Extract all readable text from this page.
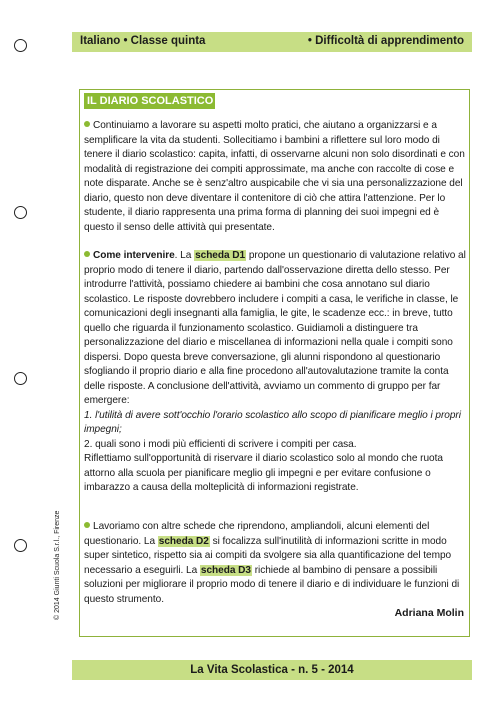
Italiano • Classe quinta	• Difficoltà di apprendimento
IL DIARIO SCOLASTICO
Continuiamo a lavorare su aspetti molto pratici, che aiutano a organizzarsi e a semplificare la vita da studenti. Sollecitiamo i bambini a riflettere sul loro modo di tenere il diario scolastico: capita, infatti, di osservarne alcuni non solo disordinati e con modalità di registrazione dei compiti approssimate, ma anche con raccolte di cose e note disparate. Anche se è senz'altro auspicabile che vi sia una personalizzazione del diario, questo non deve diventare il contenitore di ciò che attira l'attenzione. Per lo studente, il diario rappresenta una prima forma di planning dei suoi impegni ed è questo il senso delle attività qui presentate.
Come intervenire. La scheda D1 propone un questionario di valutazione relativo al proprio modo di tenere il diario, partendo dall'osservazione diretta dello stesso. Per introdurre l'attività, possiamo chiedere ai bambini che cosa annotano sul diario scolastico. Le risposte dovrebbero includere i compiti a casa, le verifiche in classe, le comunicazioni degli insegnanti alla famiglia, le gite, le scadenze ecc.: in breve, tutto quello che riguarda il funzionamento scolastico. Guidiamoli a distinguere tra personalizzazione del diario e miscellanea di informazioni nella quale i compiti sono dispersi. Dopo questa breve conversazione, gli alunni rispondono al questionario sfogliando il proprio diario e alla fine procedono all'autovalutazione tramite la conta delle risposte. A conclusione dell'attività, avviamo un commento di gruppo per far emergere:
1. l'utilità di avere sott'occhio l'orario scolastico allo scopo di pianificare meglio i propri impegni;
2. quali sono i modi più efficienti di scrivere i compiti per casa.
Riflettiamo sull'opportunità di riservare il diario scolastico solo al mondo che ruota attorno alla scuola per pianificare meglio gli impegni e per evitare confusione o imbarazzo a causa della molteplicità di informazioni registrate.
Lavoriamo con altre schede che riprendono, ampliandoli, alcuni elementi del questionario. La scheda D2 si focalizza sull'inutilità di informazioni scritte in modo super sintetico, rispetto sia ai compiti da svolgere sia alla quantificazione del tempo necessario a eseguirli. La scheda D3 richiede al bambino di pensare a possibili soluzioni per migliorare il proprio modo di tenere il diario e di individuare le funzioni di questo strumento.
Adriana Molin
© 2014 Giunti Scuola S.r.l., Firenze
La Vita Scolastica - n. 5 - 2014
